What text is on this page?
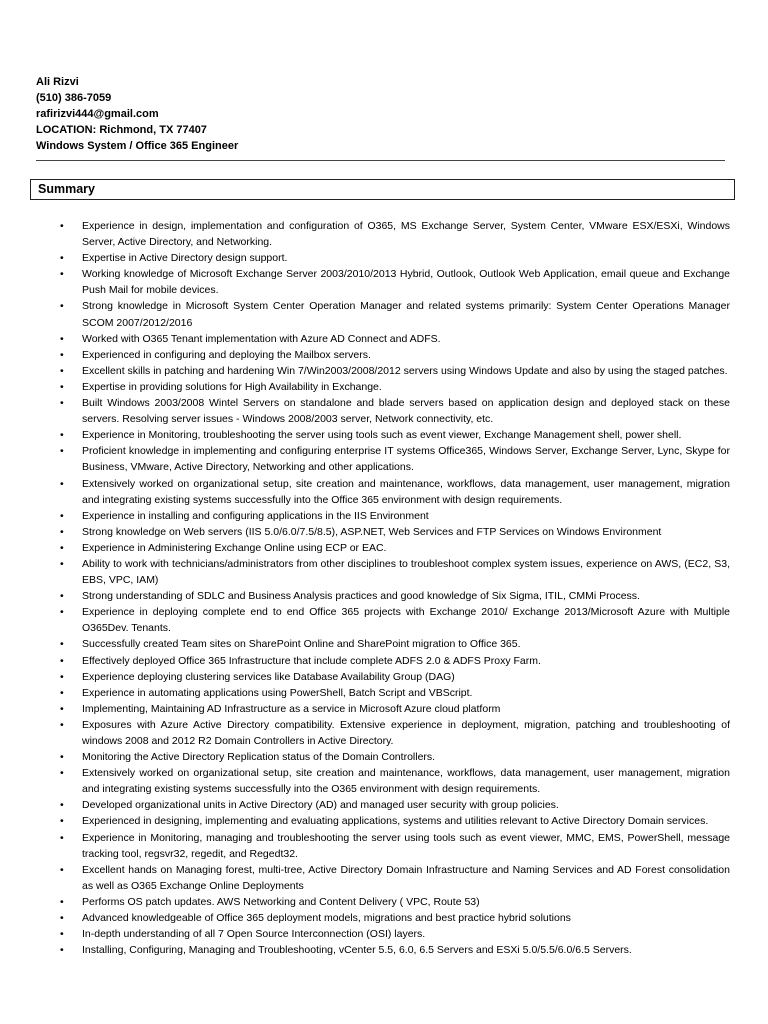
Ali Rizvi
(510) 386-7059
rafirizvi444@gmail.com
LOCATION: Richmond, TX 77407
Windows System / Office 365 Engineer
Summary
• Experience in design, implementation and configuration of O365, MS Exchange Server, System Center, VMware ESX/ESXi, Windows Server, Active Directory, and Networking.
• Expertise in Active Directory design support.
• Working knowledge of Microsoft Exchange Server 2003/2010/2013 Hybrid, Outlook, Outlook Web Application, email queue and Exchange Push Mail for mobile devices.
• Strong knowledge in Microsoft System Center Operation Manager and related systems primarily: System Center Operations Manager SCOM 2007/2012/2016
• Worked with O365 Tenant implementation with Azure AD Connect and ADFS.
• Experienced in configuring and deploying the Mailbox servers.
• Excellent skills in patching and hardening Win 7/Win2003/2008/2012 servers using Windows Update and also by using the staged patches.
• Expertise in providing solutions for High Availability in Exchange.
• Built Windows 2003/2008 Wintel Servers on standalone and blade servers based on application design and deployed stack on these servers. Resolving server issues - Windows 2008/2003 server, Network connectivity, etc.
• Experience in Monitoring, troubleshooting the server using tools such as event viewer, Exchange Management shell, power shell.
• Proficient knowledge in implementing and configuring enterprise IT systems Office365, Windows Server, Exchange Server, Lync, Skype for Business, VMware, Active Directory, Networking and other applications.
• Extensively worked on organizational setup, site creation and maintenance, workflows, data management, user management, migration and integrating existing systems successfully into the Office 365 environment with design requirements.
• Experience in installing and configuring applications in the IIS Environment
• Strong knowledge on Web servers (IIS 5.0/6.0/7.5/8.5), ASP.NET, Web Services and FTP Services on Windows Environment
• Experience in Administering Exchange Online using ECP or EAC.
• Ability to work with technicians/administrators from other disciplines to troubleshoot complex system issues, experience on AWS, (EC2, S3, EBS, VPC, IAM)
• Strong understanding of SDLC and Business Analysis practices and good knowledge of Six Sigma, ITIL, CMMi Process.
• Experience in deploying complete end to end Office 365 projects with Exchange 2010/ Exchange 2013/Microsoft Azure with Multiple O365Dev. Tenants.
• Successfully created Team sites on SharePoint Online and SharePoint migration to Office 365.
• Effectively deployed Office 365 Infrastructure that include complete ADFS 2.0 & ADFS Proxy Farm.
• Experience deploying clustering services like Database Availability Group (DAG)
• Experience in automating applications using PowerShell, Batch Script and VBScript.
• Implementing, Maintaining AD Infrastructure as a service in Microsoft Azure cloud platform
• Exposures with Azure Active Directory compatibility. Extensive experience in deployment, migration, patching and troubleshooting of windows 2008 and 2012 R2 Domain Controllers in Active Directory.
• Monitoring the Active Directory Replication status of the Domain Controllers.
• Extensively worked on organizational setup, site creation and maintenance, workflows, data management, user management, migration and integrating existing systems successfully into the O365 environment with design requirements.
• Developed organizational units in Active Directory (AD) and managed user security with group policies.
• Experienced in designing, implementing and evaluating applications, systems and utilities relevant to Active Directory Domain services.
• Experience in Monitoring, managing and troubleshooting the server using tools such as event viewer, MMC, EMS, PowerShell, message tracking tool, regsvr32, regedit, and Regedt32.
• Excellent hands on Managing forest, multi-tree, Active Directory Domain Infrastructure and Naming Services and AD Forest consolidation as well as O365 Exchange Online Deployments
• Performs OS patch updates. AWS Networking and Content Delivery ( VPC, Route 53)
• Advanced knowledgeable of Office 365 deployment models, migrations and best practice hybrid solutions
• In-depth understanding of all 7 Open Source Interconnection (OSI) layers.
• Installing, Configuring, Managing and Troubleshooting, vCenter 5.5, 6.0, 6.5 Servers and ESXi 5.0/5.5/6.0/6.5 Servers.
